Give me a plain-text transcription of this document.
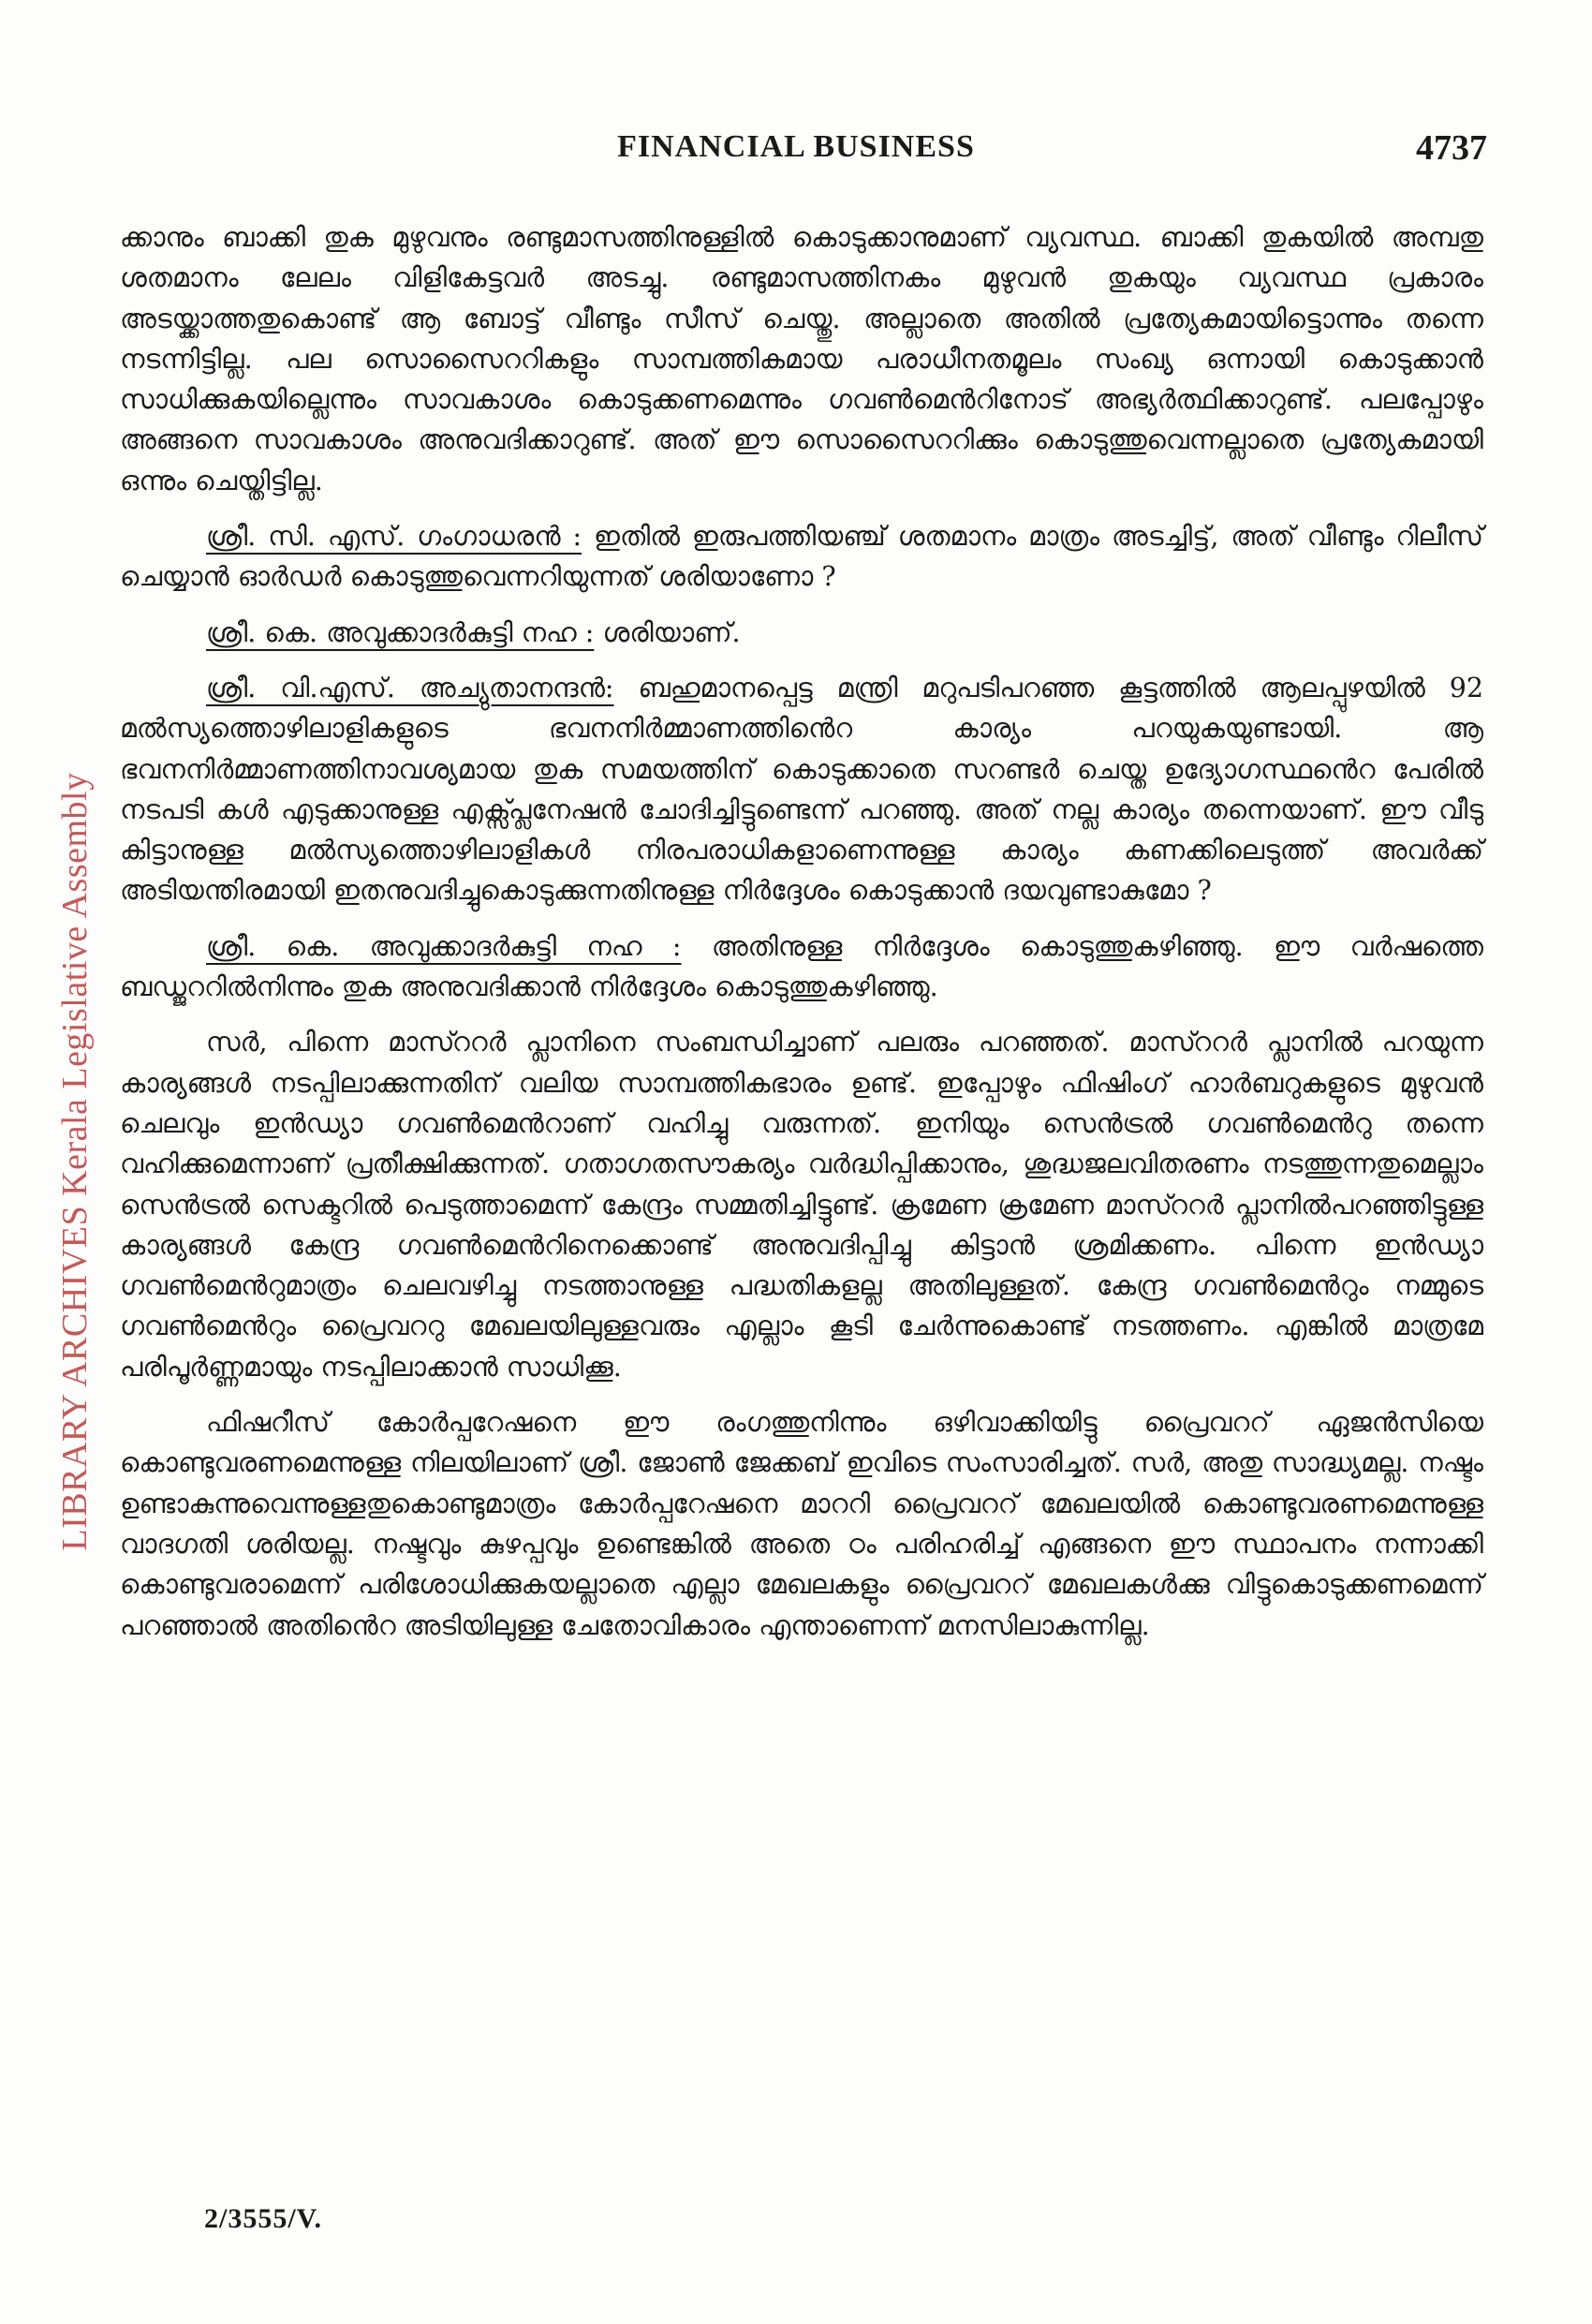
LIBRARY ARCHIVES Kerala Legislative Assembly
FINANCIAL BUSINESS	4737

ക്കാനും ബാക്കി തുക മുഴുവനും രണ്ടുമാസത്തിനുള്ളിൽ കൊടുക്കാനുമാണ് വ്യവസ്ഥ. ബാക്കി തുകയിൽ അമ്പതു ശതമാനം ലേലം വിളികേട്ടവർ അടച്ചു. രണ്ടുമാസത്തിനകം മുഴുവൻ തുകയും വ്യവസ്ഥ പ്രകാരം അടയ്ക്കാത്തതുകൊണ്ട് ആ ബോട്ട് വീണ്ടും സീസ് ചെയ്തു. അല്ലാതെ അതിൽ പ്രത്യേകമായിട്ടൊന്നും തന്നെ നടന്നിട്ടില്ല. പല സൊസൈററികളും സാമ്പത്തികമായ പരാധീനതമൂലം സംഖ്യ ഒന്നായി കൊടുക്കാൻ സാധിക്കുകയില്ലെന്നും സാവകാശം കൊടുക്കണമെന്നും ഗവൺമെൻറിനോട് അഭ്യർത്ഥിക്കാറുണ്ട്. പലപ്പോഴും അങ്ങനെ സാവകാശം അനുവദിക്കാറുണ്ട്. അത് ഈ സൊസൈററിക്കും കൊടുത്തുവെന്നല്ലാതെ പ്രത്യേകമായി ഒന്നും ചെയ്തിട്ടില്ല.

ശ്രീ. സി. എസ്. ഗംഗാധരൻ : ഇതിൽ ഇരുപത്തിയഞ്ച് ശതമാനം മാത്രം അടച്ചിട്ട്, അത് വീണ്ടും റിലീസ് ചെയ്യാൻ ഓർഡർ കൊടുത്തുവെന്നറിയുന്നത് ശരിയാണോ ?

ശ്രീ. കെ. അവുക്കാദർകുട്ടി നഹ : ശരിയാണ്.

ശ്രീ. വി.എസ്. അച്യുതാനന്ദൻ: ബഹുമാനപ്പെട്ട മന്ത്രി മറുപടിപറഞ്ഞ കൂട്ടത്തിൽ ആലപ്പുഴയിൽ 92 മൽസ്യത്തൊഴിലാളികളുടെ ഭവനനിർമ്മാണത്തിൻെറ കാര്യം പറയുകയുണ്ടായി. ആ ഭവനനിർമ്മാണത്തിനാവശ്യമായ തുക സമയത്തിന് കൊടുക്കാതെ സറണ്ടർ ചെയ്ത ഉദ്യോഗസ്ഥൻെറ പേരിൽ നടപടി കൾ എടുക്കാനുള്ള എക്സ്പ്ലനേഷൻ ചോദിച്ചിട്ടുണ്ടെന്ന് പറഞ്ഞു. അത് നല്ല കാര്യം തന്നെയാണ്. ഈ വീടു കിട്ടാനുള്ള മൽസ്യത്തൊഴിലാളികൾ നിരപരാധികളാണെന്നുള്ള കാര്യം കണക്കിലെടുത്ത് അവർക്ക് അടിയന്തിരമായി ഇതനുവദിച്ചുകൊടുക്കുന്നതിനുള്ള നിർദ്ദേശം കൊടുക്കാൻ ദയവുണ്ടാകുമോ ?

ശ്രീ. കെ. അവുക്കാദർകുട്ടി നഹ : അതിനുള്ള നിർദ്ദേശം കൊടുത്തുകഴിഞ്ഞു. ഈ വർഷത്തെ ബഡ്ജററിൽനിന്നും തുക അനുവദിക്കാൻ നിർദ്ദേശം കൊടുത്തുകഴിഞ്ഞു.

സർ, പിന്നെ മാസ്ററർ പ്ലാനിനെ സംബന്ധിച്ചാണ് പലരും പറഞ്ഞത്. മാസ്ററർ പ്ലാനിൽ പറയുന്ന കാര്യങ്ങൾ നടപ്പിലാക്കുന്നതിന് വലിയ സാമ്പത്തികഭാരം ഉണ്ട്. ഇപ്പോഴും ഫിഷിംഗ് ഹാർബറുകളുടെ മുഴുവൻ ചെലവും ഇൻഡ്യാ ഗവൺമെൻറാണ് വഹിച്ചു വരുന്നത്. ഇനിയും സെൻട്രൽ ഗവൺമെൻറു തന്നെ വഹിക്കുമെന്നാണ് പ്രതീക്ഷിക്കുന്നത്. ഗതാഗതസൗകര്യം വർദ്ധിപ്പിക്കാനും, ശുദ്ധജലവിതരണം നടത്തുന്നതുമെല്ലാം സെൻട്രൽ സെക്ടറിൽ പെടുത്താമെന്ന് കേന്ദ്രം സമ്മതിച്ചിട്ടുണ്ട്. ക്രമേണ ക്രമേണ മാസ്ററർ പ്ലാനിൽപറഞ്ഞിട്ടുള്ള കാര്യങ്ങൾ കേന്ദ്ര ഗവൺമെൻറിനെക്കൊണ്ട് അനുവദിപ്പിച്ചു കിട്ടാൻ ശ്രമിക്കണം. പിന്നെ ഇൻഡ്യാ ഗവൺമെൻറുമാത്രം ചെലവഴിച്ചു നടത്താനുള്ള പദ്ധതികളല്ല അതിലുള്ളത്. കേന്ദ്ര ഗവൺമെൻറും നമ്മുടെ ഗവൺമെൻറും പ്രൈവററു മേഖലയിലുള്ളവരും എല്ലാം കൂടി ചേർന്നുകൊണ്ട് നടത്തണം. എങ്കിൽ മാത്രമേ പരിപൂർണ്ണമായും നടപ്പിലാക്കാൻ സാധിക്കൂ.

ഫിഷറീസ് കോർപ്പറേഷനെ ഈ രംഗത്തുനിന്നും ഒഴിവാക്കിയിട്ടു പ്രൈവററ് ഏജൻസിയെ കൊണ്ടുവരണമെന്നുള്ള നിലയിലാണ് ശ്രീ. ജോൺ ജേക്കബ് ഇവിടെ സംസാരിച്ചത്. സർ, അതു സാദ്ധ്യമല്ല. നഷ്ടം ഉണ്ടാകുന്നുവെന്നുള്ളതുകൊണ്ടുമാത്രം കോർപ്പറേഷനെ മാററി പ്രൈവററ് മേഖലയിൽ കൊണ്ടുവരണമെന്നുള്ള വാദഗതി ശരിയല്ല. നഷ്ടവും കുഴപ്പവും ഉണ്ടെങ്കിൽ അതെ ഠം പരിഹരിച്ച് എങ്ങനെ ഈ സ്ഥാപനം നന്നാക്കി കൊണ്ടുവരാമെന്ന് പരിശോധിക്കുകയല്ലാതെ എല്ലാ മേഖലകളും പ്രൈവററ് മേഖലകൾക്കു വിട്ടുകൊടുക്കണമെന്ന് പറഞ്ഞാൽ അതിൻെറ അടിയിലുള്ള ചേതോവികാരം എന്താണെന്ന് മനസിലാകുന്നില്ല.

2/3555/V.
